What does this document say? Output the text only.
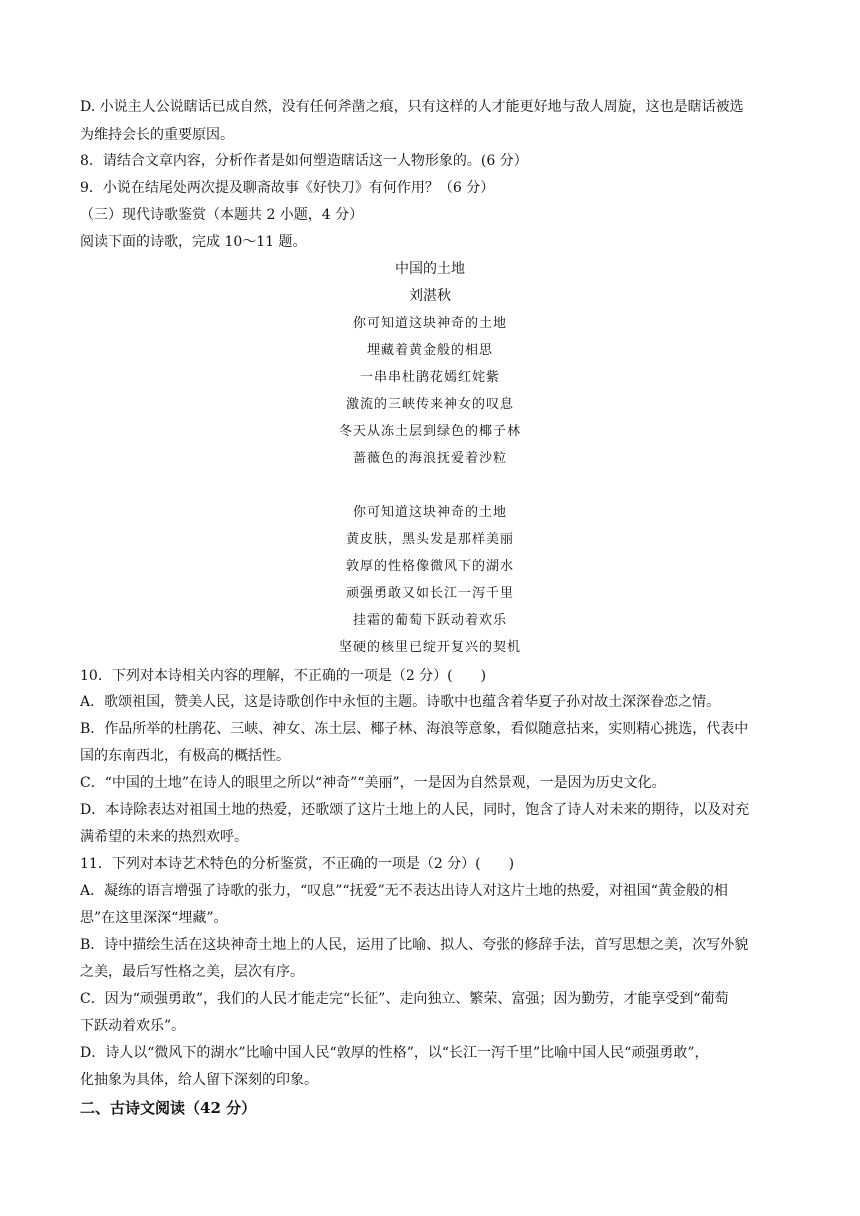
D. 小说主人公说瞎话已成自然，没有任何斧凿之痕，只有这样的人才能更好地与敌人周旋，这也是瞎话被选
为维持会长的重要原因。
8．请结合文章内容，分析作者是如何塑造瞎话这一人物形象的。(6 分）
9．小说在结尾处两次提及聊斋故事《好快刀》有何作用？（6 分）
（三）现代诗歌鉴赏（本题共 2 小题，4 分）
阅读下面的诗歌，完成 10～11 题。
中国的土地
刘湛秋
你可知道这块神奇的土地
埋藏着黄金般的相思
一串串杜鹃花嫣红姹紫
激流的三峡传来神女的叹息
冬天从冻土层到绿色的椰子林
蔷薇色的海浪抚爱着沙粒
你可知道这块神奇的土地
黄皮肤，黑头发是那样美丽
敦厚的性格像微风下的湖水
顽强勇敢又如长江一泻千里
挂霜的葡萄下跃动着欢乐
坚硬的核里已绽开复兴的契机
10．下列对本诗相关内容的理解，不正确的一项是（2 分）(　　)
A．歌颂祖国，赞美人民，这是诗歌创作中永恒的主题。诗歌中也蕴含着华夏子孙对故土深深眷恋之情。
B．作品所举的杜鹃花、三峡、神女、冻土层、椰子林、海浪等意象，看似随意拈来，实则精心挑选，代表中
国的东南西北，有极高的概括性。
C．“中国的土地”在诗人的眼里之所以“神奇”“美丽”，一是因为自然景观，一是因为历史文化。
D．本诗除表达对祖国土地的热爱，还歌颂了这片土地上的人民，同时，饱含了诗人对未来的期待，以及对充
满希望的未来的热烈欢呼。
11．下列对本诗艺术特色的分析鉴赏，不正确的一项是（2 分）(　　)
A．凝练的语言增强了诗歌的张力，“叹息”“抚爱”无不表达出诗人对这片土地的热爱，对祖国“黄金般的相
思”在这里深深“埋藏”。
B．诗中描绘生活在这块神奇土地上的人民，运用了比喻、拟人、夸张的修辞手法，首写思想之美，次写外貌
之美，最后写性格之美，层次有序。
C．因为“顽强勇敢”，我们的人民才能走完“长征”、走向独立、繁荣、富强；因为勤劳，才能享受到“葡萄
下跃动着欢乐”。
D．诗人以“微风下的湖水”比喻中国人民“敦厚的性格”，以“长江一泻千里”比喻中国人民“顽强勇敢”，
化抽象为具体，给人留下深刻的印象。
二、古诗文阅读（42 分）
